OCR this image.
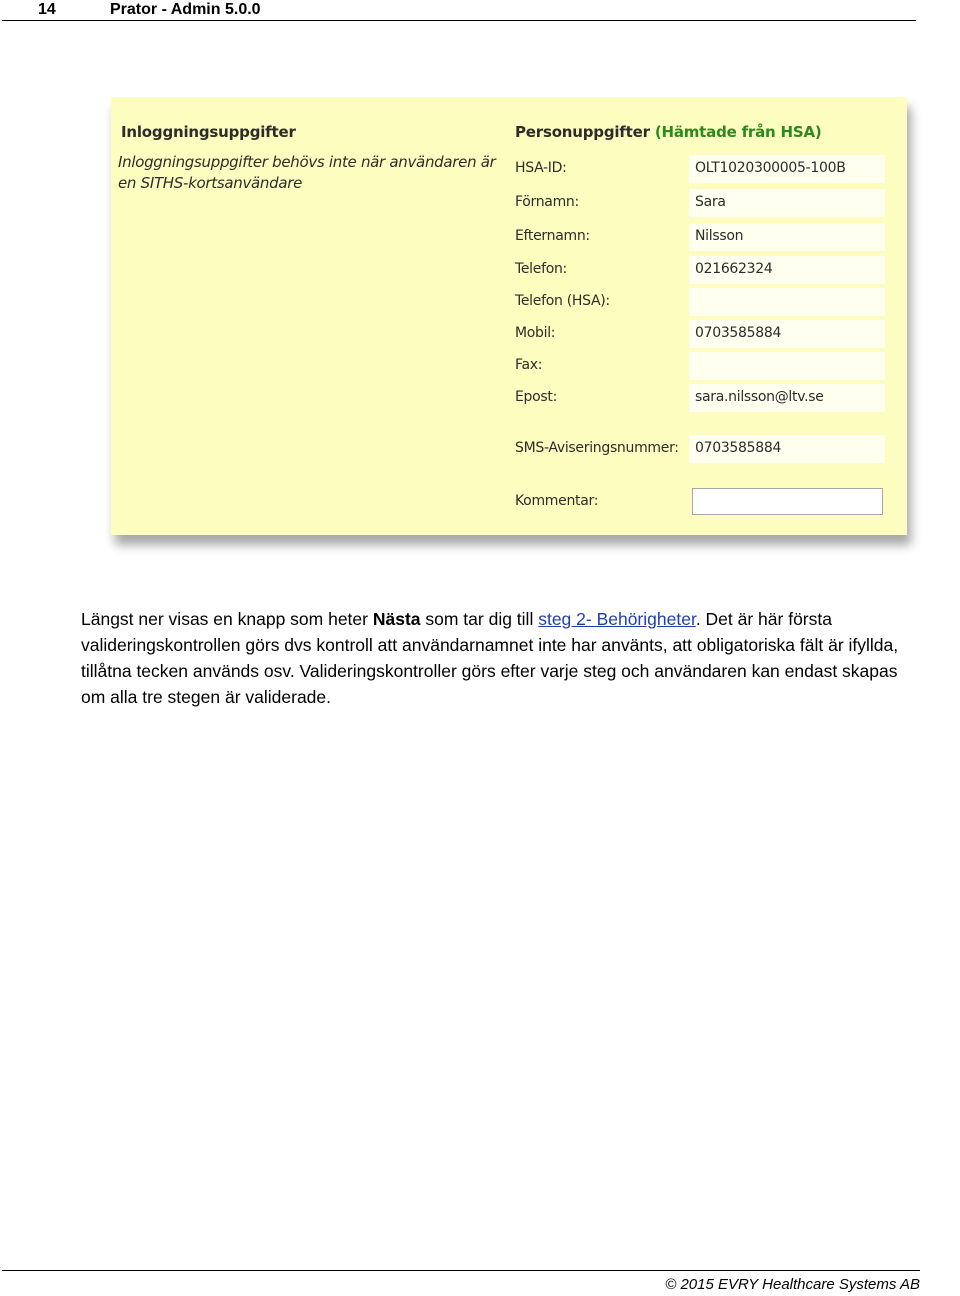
14	Prator - Admin 5.0.0
Inloggningsuppgifter
Inloggningsuppgifter behövs inte när användaren är en SITHS-kortsanvändare
Personuppgifter (Hämtade från HSA)
HSA-ID:	OLT1020300005-100B
Förnamn:	Sara
Efternamn:	Nilsson
Telefon:	021662324
Telefon (HSA):
Mobil:	0703585884
Fax:
Epost:	sara.nilsson@ltv.se
SMS-Aviseringsnummer:	0703585884
Kommentar:
Längst ner visas en knapp som heter Nästa som tar dig till steg 2- Behörigheter. Det är här första valideringskontrollen görs dvs kontroll att användarnamnet inte har använts, att obligatoriska fält är ifyllda, tillåtna tecken används osv. Valideringskontroller görs efter varje steg och användaren kan endast skapas om alla tre stegen är validerade.
© 2015 EVRY Healthcare Systems AB
